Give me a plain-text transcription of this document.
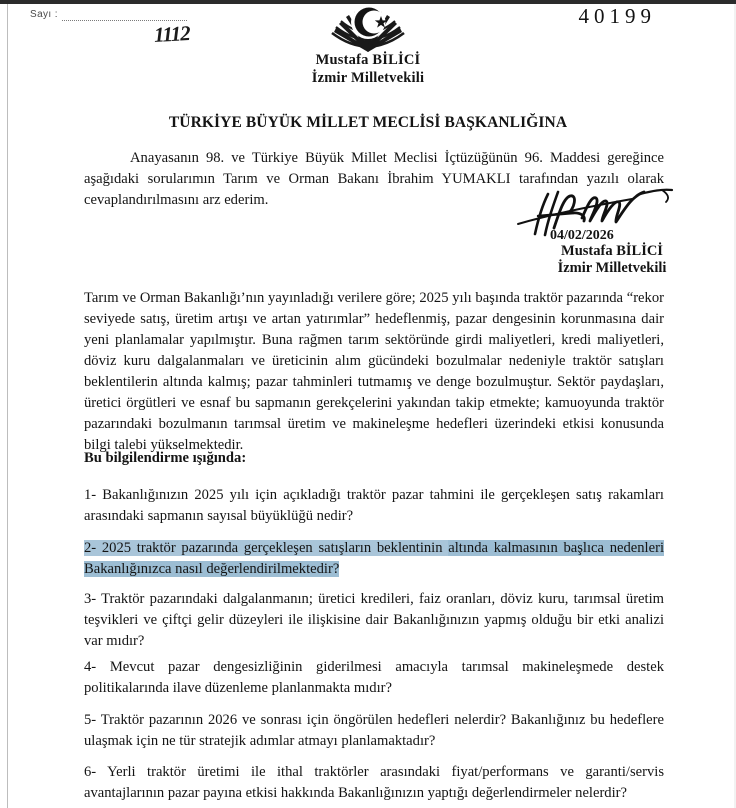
Sayı :
1112
40199
Mustafa BİLİCİ
İzmir Milletvekili
TÜRKİYE BÜYÜK MİLLET MECLİSİ BAŞKANLIĞINA
Anayasanın 98. ve Türkiye Büyük Millet Meclisi İçtüzüğünün 96. Maddesi gereğince aşağıdaki sorularımın Tarım ve Orman Bakanı İbrahim YUMAKLI tarafından yazılı olarak cevaplandırılmasını arz ederim.
04/02/2026
Mustafa BİLİCİ
İzmir Milletvekili
Tarım ve Orman Bakanlığı’nın yayınladığı verilere göre; 2025 yılı başında traktör pazarında “rekor seviyede satış, üretim artışı ve artan yatırımlar” hedeflenmiş, pazar dengesinin korunmasına dair yeni planlamalar yapılmıştır. Buna rağmen tarım sektöründe girdi maliyetleri, kredi maliyetleri, döviz kuru dalgalanmaları ve üreticinin alım gücündeki bozulmalar nedeniyle traktör satışları beklentilerin altında kalmış; pazar tahminleri tutmamış ve denge bozulmuştur. Sektör paydaşları, üretici örgütleri ve esnaf bu sapmanın gerekçelerini yakından takip etmekte; kamuoyunda traktör pazarındaki bozulmanın tarımsal üretim ve makineleşme hedefleri üzerindeki etkisi konusunda bilgi talebi yükselmektedir.
Bu bilgilendirme ışığında:
1- Bakanlığınızın 2025 yılı için açıkladığı traktör pazar tahmini ile gerçekleşen satış rakamları arasındaki sapmanın sayısal büyüklüğü nedir?
2- 2025 traktör pazarında gerçekleşen satışların beklentinin altında kalmasının başlıca nedenleri Bakanlığınızca nasıl değerlendirilmektedir?
3- Traktör pazarındaki dalgalanmanın; üretici kredileri, faiz oranları, döviz kuru, tarımsal üretim teşvikleri ve çiftçi gelir düzeyleri ile ilişkisine dair Bakanlığınızın yapmış olduğu bir etki analizi var mıdır?
4- Mevcut pazar dengesizliğinin giderilmesi amacıyla tarımsal makineleşmede destek politikalarında ilave düzenleme planlanmakta mıdır?
5- Traktör pazarının 2026 ve sonrası için öngörülen hedefleri nelerdir? Bakanlığınız bu hedeflere ulaşmak için ne tür stratejik adımlar atmayı planlamaktadır?
6- Yerli traktör üretimi ile ithal traktörler arasındaki fiyat/performans ve garanti/servis avantajlarının pazar payına etkisi hakkında Bakanlığınızın yaptığı değerlendirmeler nelerdir?
